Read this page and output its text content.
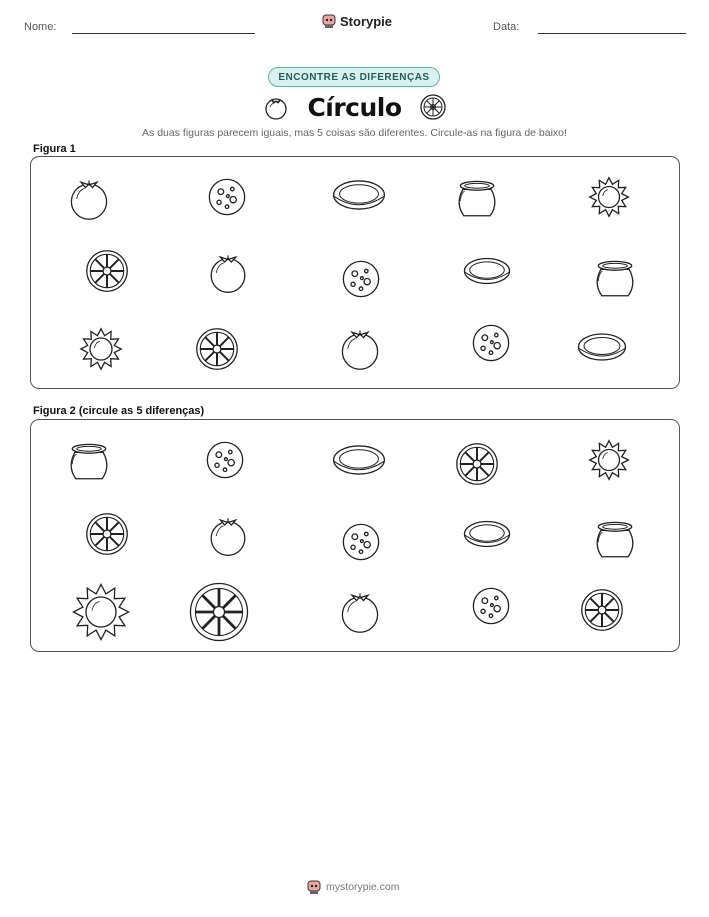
Nome:	Storypie	Data:
ENCONTRE AS DIFERENÇAS
Círculo
As duas figuras parecem iguais, mas 5 coisas são diferentes. Circule-as na figura de baixo!
Figura 1
Figura 2 (circule as 5 diferenças)
mystorypie.com
